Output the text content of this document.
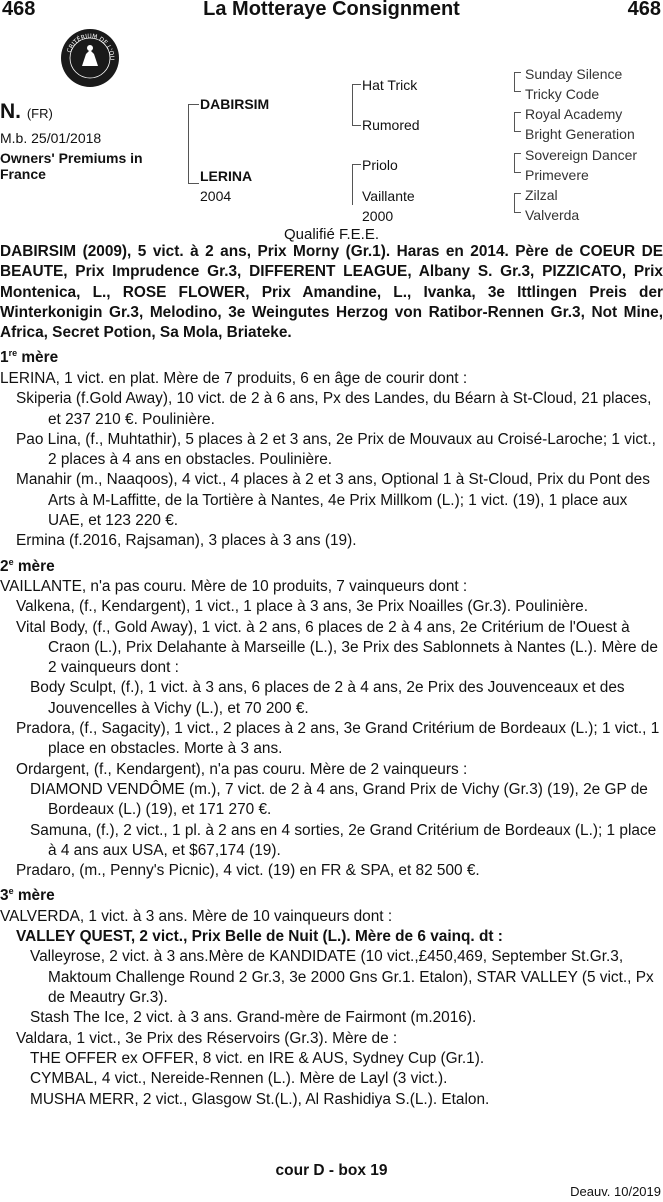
468	La Motteraye Consignment	468
CRITÉRIUM DE L'OU
N. (FR)
M.b. 25/01/2018
Owners' Premiums in France
DABIRSIM
LERINA
2004
Hat Trick
Rumored
Priolo
Vaillante
2000
Sunday Silence
Tricky Code
Royal Academy
Bright Generation
Sovereign Dancer
Primevere
Zilzal
Valverda
Qualifié F.E.E.

DABIRSIM (2009), 5 vict. à 2 ans, Prix Morny (Gr.1). Haras en 2014. Père de COEUR DE BEAUTE, Prix Imprudence Gr.3, DIFFERENT LEAGUE, Albany S. Gr.3, PIZZICATO, Prix Montenica, L., ROSE FLOWER, Prix Amandine, L., Ivanka, 3e Ittlingen Preis der Winterkonigin Gr.3, Melodino, 3e Weingutes Herzog von Ratibor-Rennen Gr.3, Not Mine, Africa, Secret Potion, Sa Mola, Briateke.

1re mère

LERINA, 1 vict. en plat. Mère de 7 produits, 6 en âge de courir dont :

Skiperia (f.Gold Away), 10 vict. de 2 à 6 ans, Px des Landes, du Béarn à St-Cloud, 21 places, et 237 210 €. Poulinière.

Pao Lina, (f., Muhtathir), 5 places à 2 et 3 ans, 2e Prix de Mouvaux au Croisé-Laroche; 1 vict., 2 places à 4 ans en obstacles. Poulinière.

Manahir (m., Naaqoos), 4 vict., 4 places à 2 et 3 ans, Optional 1 à St-Cloud, Prix du Pont des Arts à M-Laffitte, de la Tortière à Nantes, 4e Prix Millkom (L.); 1 vict. (19), 1 place aux UAE, et 123 220 €.

Ermina (f.2016, Rajsaman), 3 places à 3 ans (19).

2e mère

VAILLANTE, n'a pas couru. Mère de 10 produits, 7 vainqueurs dont :

Valkena, (f., Kendargent), 1 vict., 1 place à 3 ans, 3e Prix Noailles (Gr.3). Poulinière.

Vital Body, (f., Gold Away), 1 vict. à 2 ans, 6 places de 2 à 4 ans, 2e Critérium de l'Ouest à Craon (L.), Prix Delahante à Marseille (L.), 3e Prix des Sablonnets à Nantes (L.). Mère de 2 vainqueurs dont :

Body Sculpt, (f.), 1 vict. à 3 ans, 6 places de 2 à 4 ans, 2e Prix des Jouvenceaux et des Jouvencelles à Vichy (L.), et 70 200 €.

Pradora, (f., Sagacity), 1 vict., 2 places à 2 ans, 3e Grand Critérium de Bordeaux (L.); 1 vict., 1 place en obstacles. Morte à 3 ans.

Ordargent, (f., Kendargent), n'a pas couru. Mère de 2 vainqueurs :

DIAMOND VENDÔME (m.), 7 vict. de 2 à 4 ans, Grand Prix de Vichy (Gr.3) (19), 2e GP de Bordeaux (L.) (19), et 171 270 €.

Samuna, (f.), 2 vict., 1 pl. à 2 ans en 4 sorties, 2e Grand Critérium de Bordeaux (L.); 1 place à 4 ans aux USA, et $67,174 (19).

Pradaro, (m., Penny's Picnic), 4 vict. (19) en FR & SPA, et 82 500 €.

3e mère

VALVERDA, 1 vict. à 3 ans. Mère de 10 vainqueurs dont :

VALLEY QUEST, 2 vict., Prix Belle de Nuit (L.). Mère de 6 vainq. dt :

Valleyrose, 2 vict. à 3 ans.Mère de KANDIDATE (10 vict.,£450,469, September St.Gr.3, Maktoum Challenge Round 2 Gr.3, 3e 2000 Gns Gr.1. Etalon), STAR VALLEY (5 vict., Px de Meautry Gr.3).

Stash The Ice, 2 vict. à 3 ans. Grand-mère de Fairmont (m.2016).

Valdara, 1 vict., 3e Prix des Réservoirs (Gr.3). Mère de :

THE OFFER ex OFFER, 8 vict. en IRE & AUS, Sydney Cup (Gr.1).

CYMBAL, 4 vict., Nereide-Rennen (L.). Mère de Layl (3 vict.).

MUSHA MERR, 2 vict., Glasgow St.(L.), Al Rashidiya S.(L.). Etalon.

cour D - box 19
Deauv. 10/2019
